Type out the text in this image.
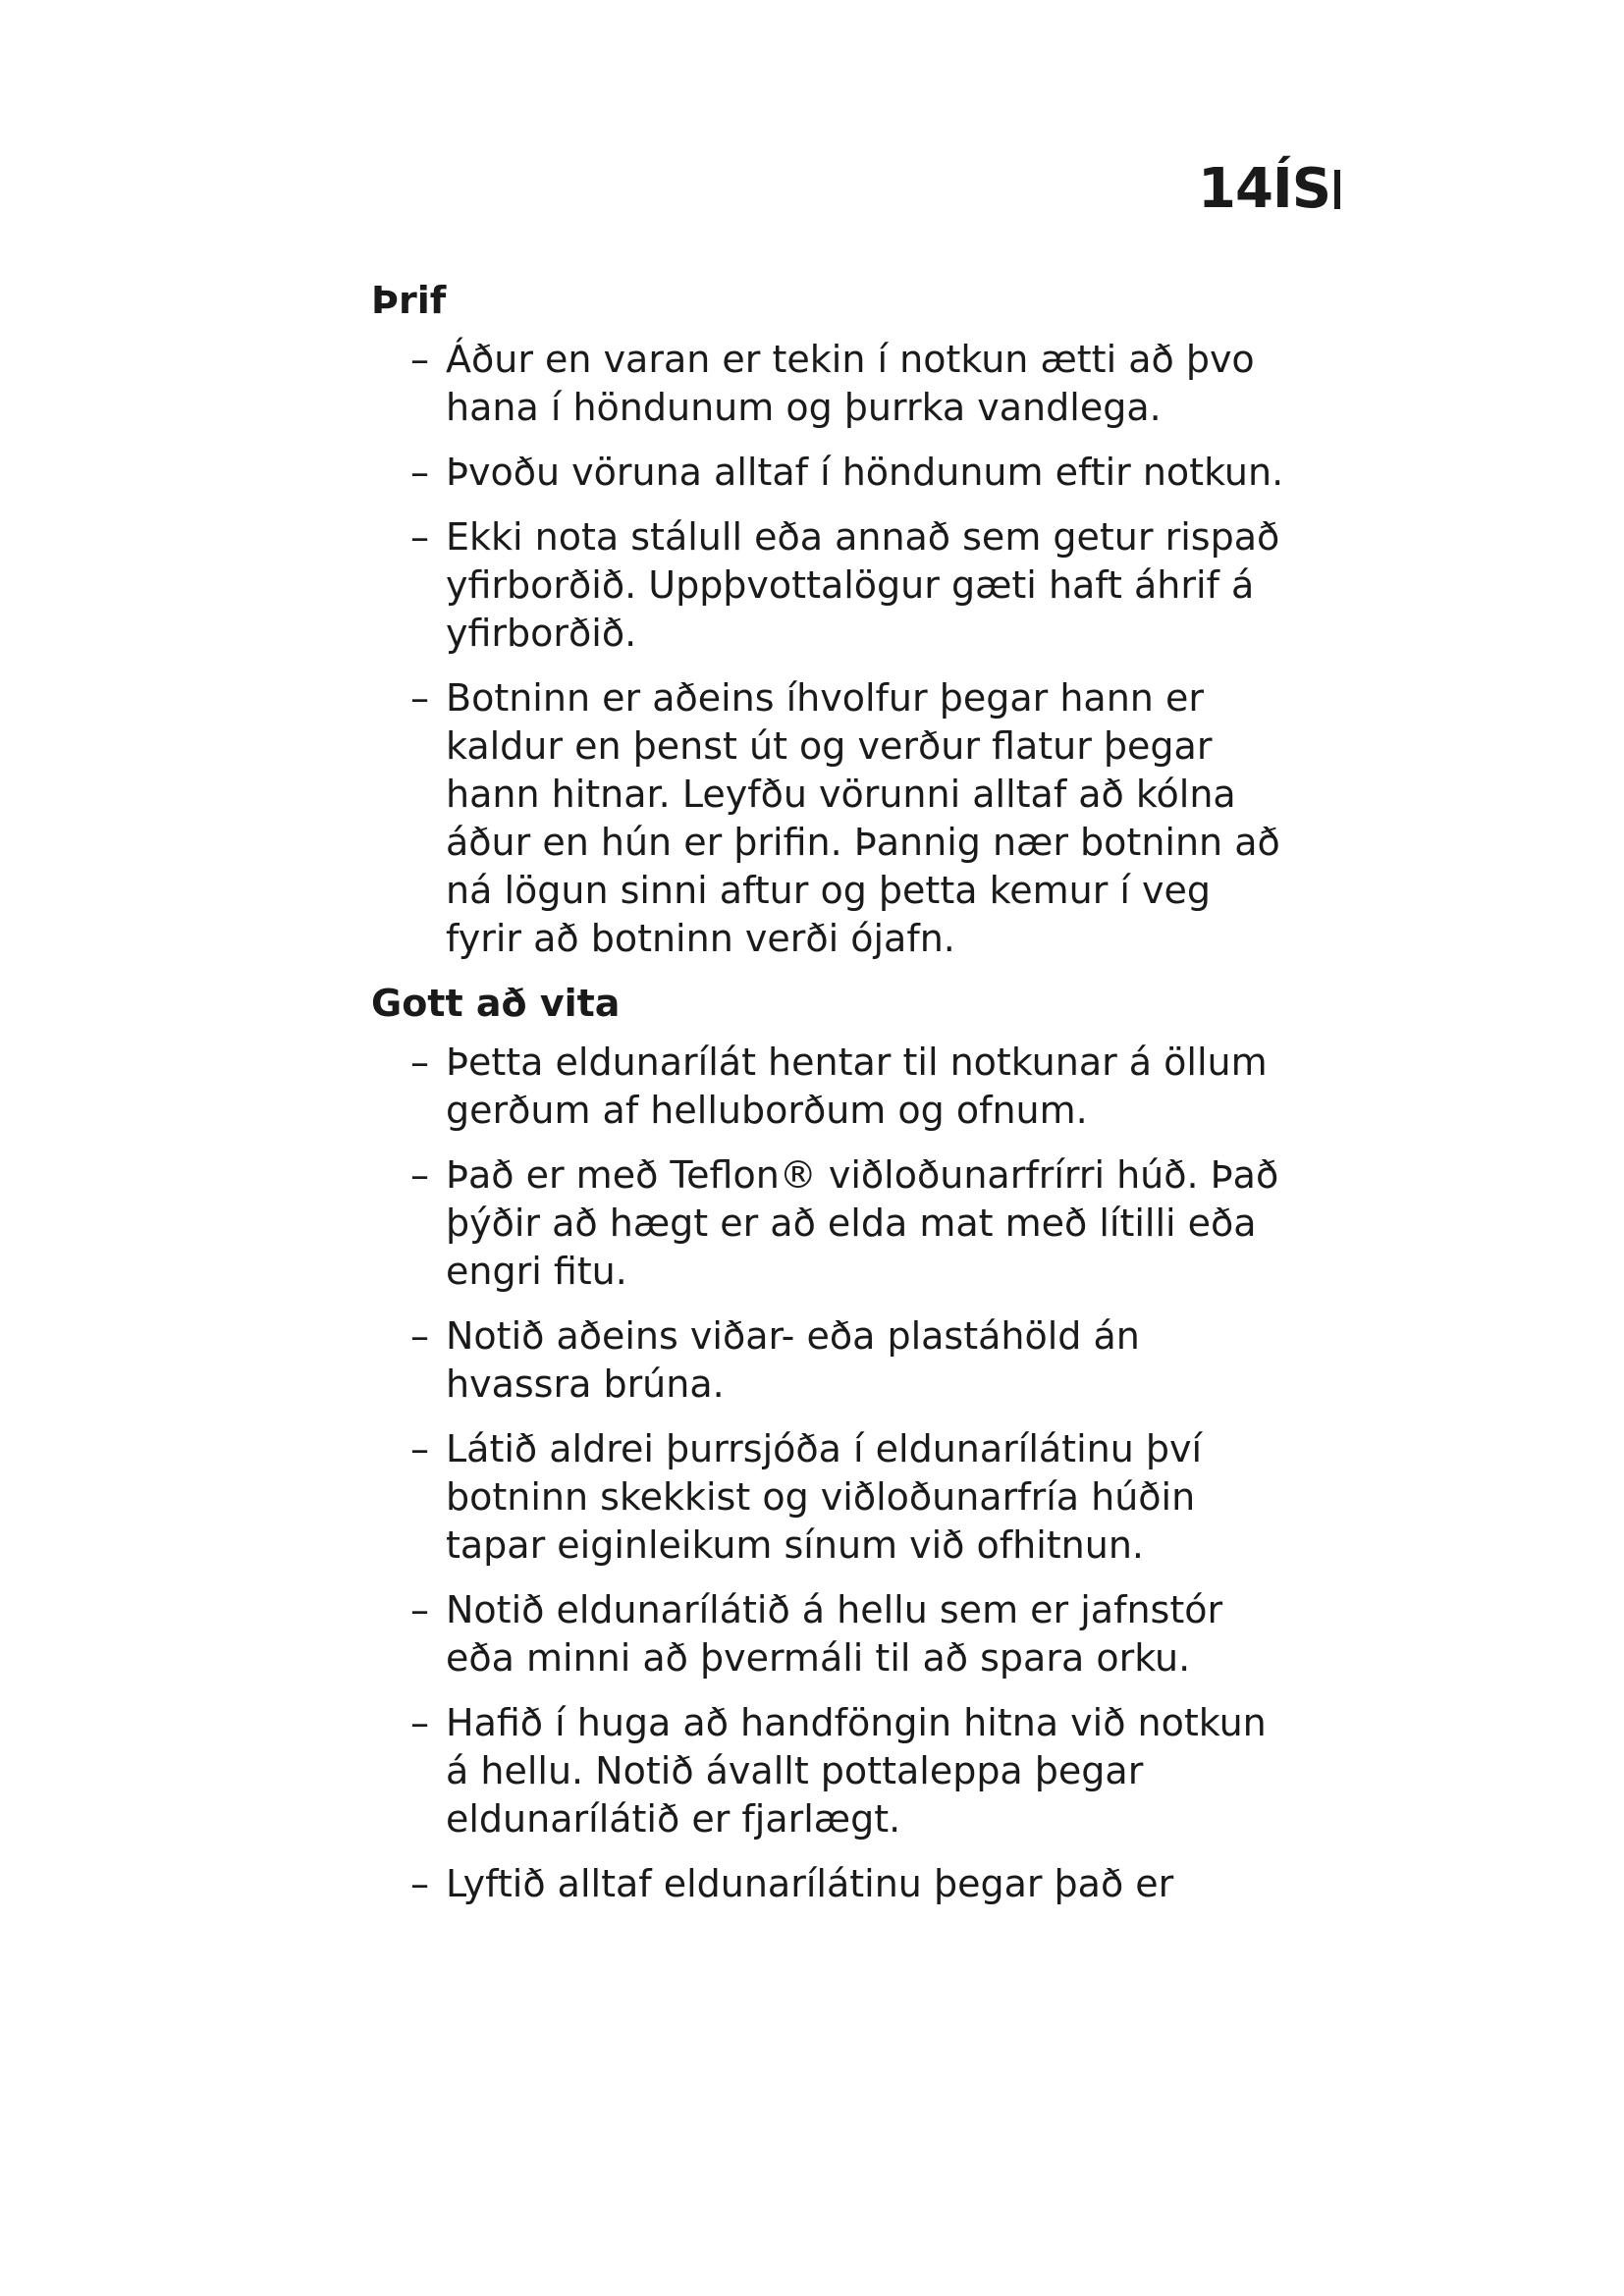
14ÍS
Þrif
– Áður en varan er tekin í notkun ætti að þvo hana í höndunum og þurrka vandlega.
– Þvoðu vöruna alltaf í höndunum eftir notkun.
– Ekki nota stálull eða annað sem getur rispað yfirborðið. Uppþvottalögur gæti haft áhrif á yfirborðið.
– Botninn er aðeins íhvolfur þegar hann er kaldur en þenst út og verður flatur þegar hann hitnar. Leyfðu vörunni alltaf að kólna áður en hún er þrifin. Þannig nær botninn að ná lögun sinni aftur og þetta kemur í veg fyrir að botninn verði ójafn.
Gott að vita
– Þetta eldunarílát hentar til notkunar á öllum gerðum af helluborðum og ofnum.
– Það er með Teflon® viðloðunarfrírri húð. Það þýðir að hægt er að elda mat með lítilli eða engri fitu.
– Notið aðeins viðar- eða plastáhöld án hvassra brúna.
– Látið aldrei þurrsjóða í eldunarílátinu því botninn skekkist og viðloðunarfría húðin tapar eiginleikum sínum við ofhitnun.
– Notið eldunarílátið á hellu sem er jafnstór eða minni að þvermáli til að spara orku.
– Hafið í huga að handföngin hitna við notkun á hellu. Notið ávallt pottaleppa þegar eldunarílátið er fjarlægt.
– Lyftið alltaf eldunarílátinu þegar það er
